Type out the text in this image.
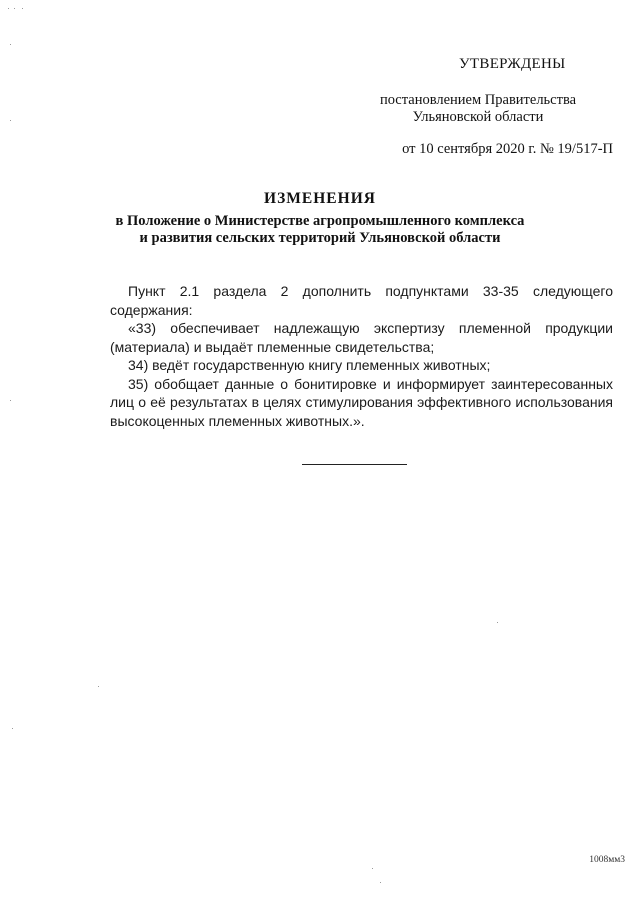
УТВЕРЖДЕНЫ
постановлением Правительства
Ульяновской области
от 10 сентября 2020 г. № 19/517-П
ИЗМЕНЕНИЯ
в Положение о Министерстве агропромышленного комплекса
и развития сельских территорий Ульяновской области

Пункт 2.1 раздела 2 дополнить подпунктами 33-35 следующего содержания:

«33) обеспечивает надлежащую экспертизу племенной продукции (материала) и выдаёт племенные свидетельства;

34) ведёт государственную книгу племенных животных;

35) обобщает данные о бонитировке и информирует заинтересованных лиц о её результатах в целях стимулирования эффективного использования высокоценных племенных животных.».

1008мм3
